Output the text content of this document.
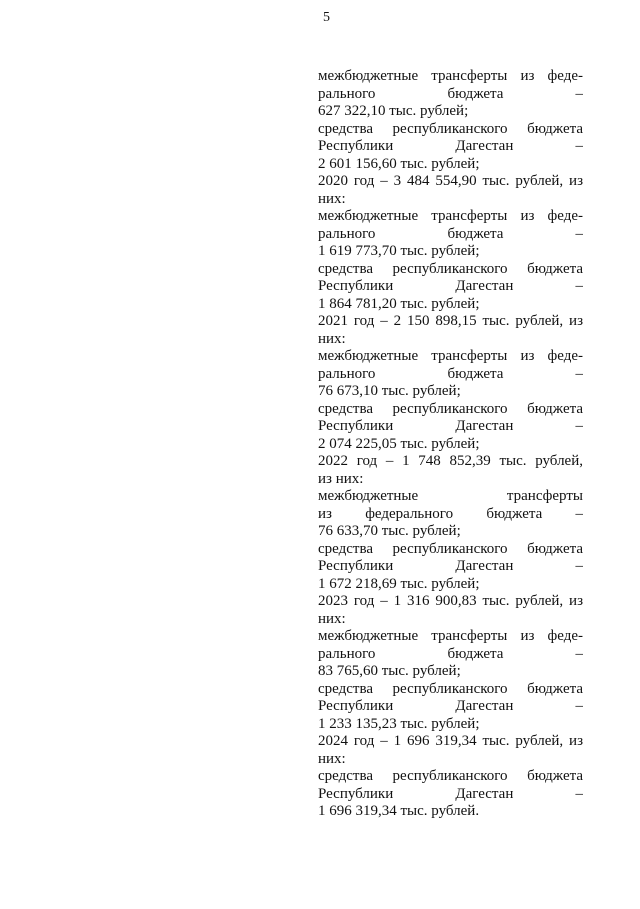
5
межбюджетные трансферты из феде-
рального бюджета –
627 322,10 тыс. рублей;
средства республиканского бюджета
Республики Дагестан –
2 601 156,60 тыс. рублей;
2020 год – 3 484 554,90 тыс. рублей, из
них:
межбюджетные трансферты из феде-
рального бюджета –
1 619 773,70 тыс. рублей;
средства республиканского бюджета
Республики Дагестан –
1 864 781,20 тыс. рублей;
2021 год – 2 150 898,15 тыс. рублей, из
них:
межбюджетные трансферты из феде-
рального бюджета –
76 673,10 тыс. рублей;
средства республиканского бюджета
Республики Дагестан –
2 074 225,05 тыс. рублей;
2022 год – 1 748 852,39 тыс. рублей,
из них:
межбюджетные трансферты
из федерального бюджета –
76 633,70 тыс. рублей;
средства республиканского бюджета
Республики Дагестан –
1 672 218,69 тыс. рублей;
2023 год – 1 316 900,83 тыс. рублей, из
них:
межбюджетные трансферты из феде-
рального бюджета –
83 765,60 тыс. рублей;
средства республиканского бюджета
Республики Дагестан –
1 233 135,23 тыс. рублей;
2024 год – 1 696 319,34 тыс. рублей, из
них:
средства республиканского бюджета
Республики Дагестан –
1 696 319,34 тыс. рублей.
